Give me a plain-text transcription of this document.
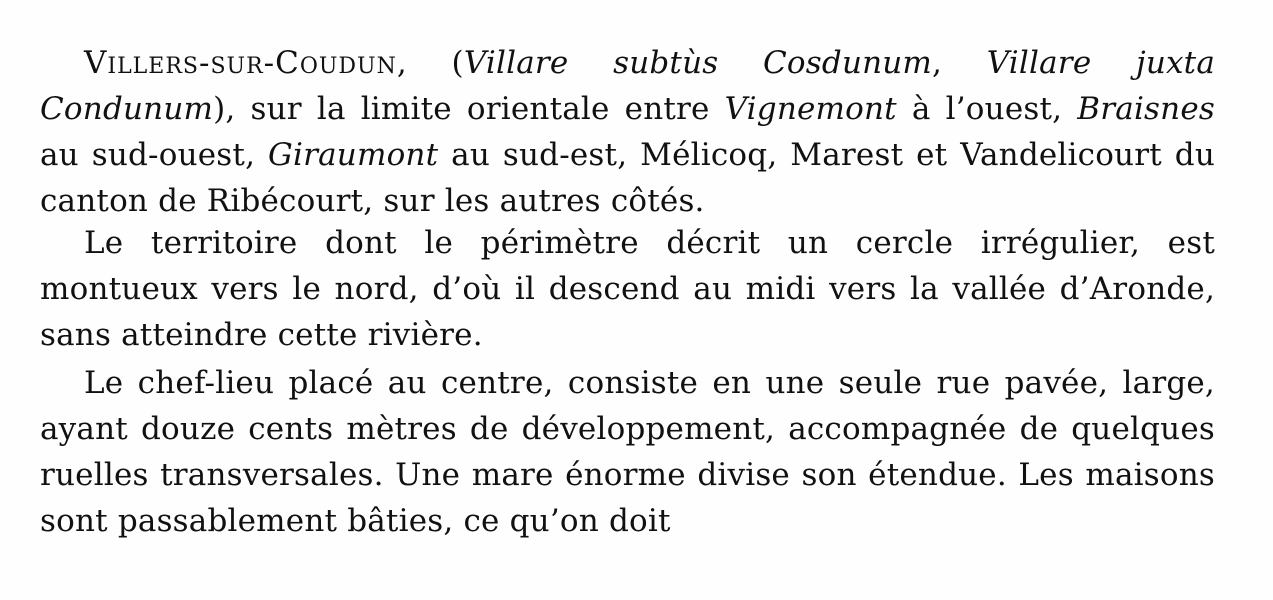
Villers-sur-Coudun, (Villare subtùs Cosdunum, Villare juxta Condunum), sur la limite orientale entre Vignemont à l’ouest, Braisnes au sud-ouest, Giraumont au sud-est, Mélicoq, Marest et Vandelicourt du canton de Ribécourt, sur les autres côtés.

Le territoire dont le périmètre décrit un cercle irrégulier, est montueux vers le nord, d’où il descend au midi vers la vallée d’Aronde, sans atteindre cette rivière.

Le chef-lieu placé au centre, consiste en une seule rue pavée, large, ayant douze cents mètres de développement, accompagnée de quelques ruelles transversales. Une mare énorme divise son étendue. Les maisons sont passablement bâties, ce qu’on doit
